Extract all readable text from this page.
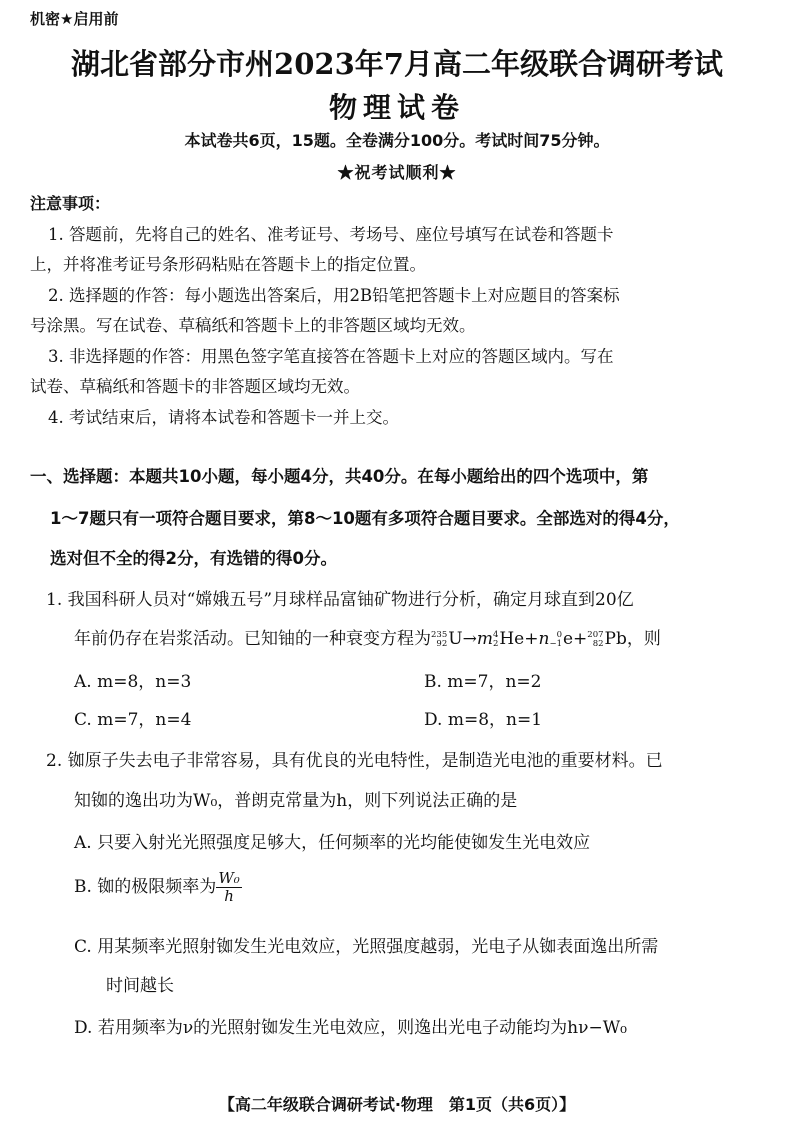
机密★启用前
湖北省部分市州2023年7月高二年级联合调研考试
物理试卷
本试卷共6页，15题。全卷满分100分。考试时间75分钟。
★祝考试顺利★
注意事项：
1. 答题前，先将自己的姓名、准考证号、考场号、座位号填写在试卷和答题卡
上，并将准考证号条形码粘贴在答题卡上的指定位置。
2. 选择题的作答：每小题选出答案后，用2B铅笔把答题卡上对应题目的答案标
号涂黑。写在试卷、草稿纸和答题卡上的非答题区域均无效。
3. 非选择题的作答：用黑色签字笔直接答在答题卡上对应的答题区域内。写在
试卷、草稿纸和答题卡的非答题区域均无效。
4. 考试结束后，请将本试卷和答题卡一并上交。
一、选择题：本题共10小题，每小题4分，共40分。在每小题给出的四个选项中，第
1～7题只有一项符合题目要求，第8～10题有多项符合题目要求。全部选对的得4分，
选对但不全的得2分，有选错的得0分。
1. 我国科研人员对“嫦娥五号”月球样品富铀矿物进行分析，确定月球直到20亿
年前仍存在岩浆活动。已知铀的一种衰变方程为 235
92 U→m 4
2 He+n 0
−1 e+ 207
82 Pb，则
A. m=8，n=3	B. m=7，n=2
C. m=7，n=4	D. m=8，n=1
2. 铷原子失去电子非常容易，具有优良的光电特性，是制造光电池的重要材料。已
知铷的逸出功为W₀，普朗克常量为h，则下列说法正确的是
A. 只要入射光光照强度足够大，任何频率的光均能使铷发生光电效应
B. 铷的极限频率为 $\frac{\text{W₀}}{h}$
C. 用某频率光照射铷发生光电效应，光照强度越弱，光电子从铷表面逸出所需
时间越长
D. 若用频率为ν的光照射铷发生光电效应，则逸出光电子动能均为hν−W₀
【高二年级联合调研考试·物理　第1页（共6页）】
